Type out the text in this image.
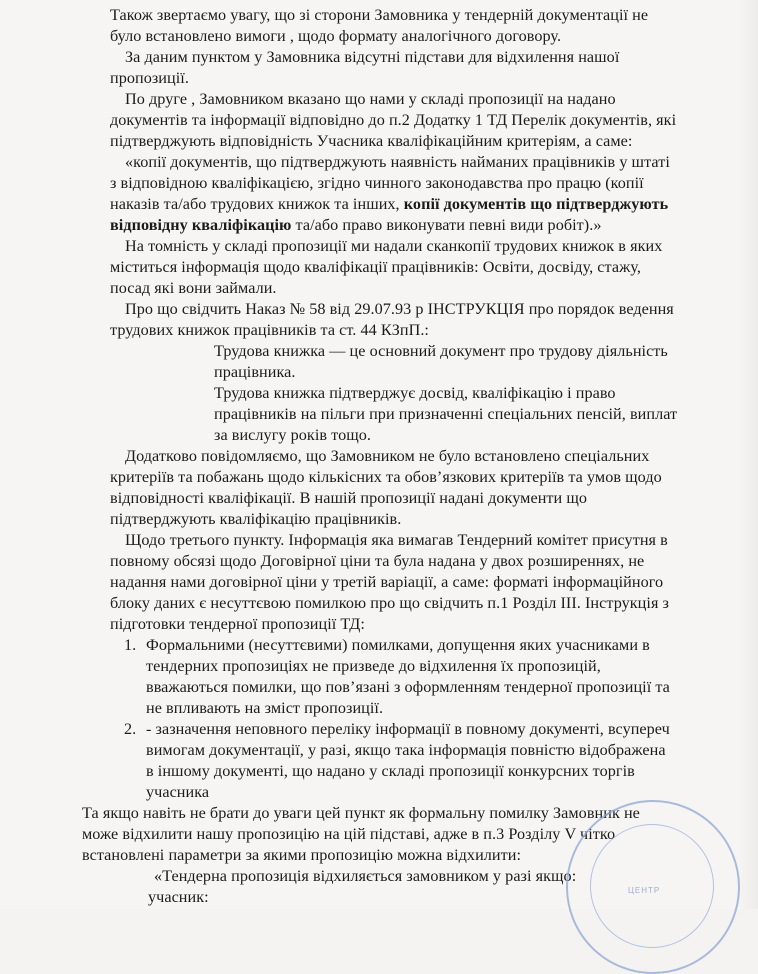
Також звертаємо увагу, що зі сторони Замовника у тендерній документації не
було встановлено вимоги , щодо формату аналогічного договору.
За даним пунктом у Замовника відсутні підстави для відхилення нашої
пропозиції.
По друге , Замовником вказано що нами у складі пропозиції на надано
документів та інформації відповідно до п.2 Додатку 1 ТД Перелік документів, які
підтверджують відповідність Учасника кваліфікаційним критеріям, а саме:
«копії документів, що підтверджують наявність найманих працівників у штаті
з відповідною кваліфікацією, згідно чинного законодавства про працю (копії
наказів та/або трудових книжок та інших, копії документів що підтверджують
відповідну кваліфікацію та/або право виконувати певні види робіт).»
На томність у складі пропозиції ми надали сканкопії трудових книжок в яких
міститься інформація щодо кваліфікації працівників: Освіти, досвіду, стажу,
посад які вони займали.
Про що свідчить Наказ № 58 від 29.07.93 р ІНСТРУКЦІЯ про порядок ведення
трудових книжок працівників та ст. 44 КЗпП.:
Трудова книжка — це основний документ про трудову діяльність
працівника.
Трудова книжка підтверджує досвід, кваліфікацію і право
працівників на пільги при призначенні спеціальних пенсій, виплат
за вислугу років тощо.
Додатково повідомляємо, що Замовником не було встановлено спеціальних
критеріїв та побажань щодо кількісних та обов’язкових критеріїв та умов щодо
відповідності кваліфікації. В нашій пропозиції надані документи що
підтверджують кваліфікацію працівників.
Щодо третього пункту. Інформація яка вимагав Тендерний комітет присутня в
повному обсязі щодо Договірної ціни та була надана у двох розширеннях, не
надання нами договірної ціни у третій варіації, а саме: форматі інформаційного
блоку даних є несуттєвою помилкою про що свідчить п.1 Розділ ІІІ. Інструкція з
підготовки тендерної пропозиції ТД:
1. Формальними (несуттєвими) помилками, допущення яких учасниками в
тендерних пропозиціях не призведе до відхилення їх пропозицій,
вважаються помилки, що пов’язані з оформленням тендерної пропозиції та
не впливають на зміст пропозиції.
2. - зазначення неповного переліку інформації в повному документі, всупереч
вимогам документації, у разі, якщо така інформація повністю відображена
в іншому документі, що надано у складі пропозиції конкурсних торгів
учасника
Та якщо навіть не брати до уваги цей пункт як формальну помилку Замовник не
може відхилити нашу пропозицію на цій підставі, адже в п.3 Розділу V чітко
встановлені параметри за якими пропозицію можна відхилити:
«Тендерна пропозиція відхиляється замовником у разі якщо:
учасник:	ЦЕНТР
